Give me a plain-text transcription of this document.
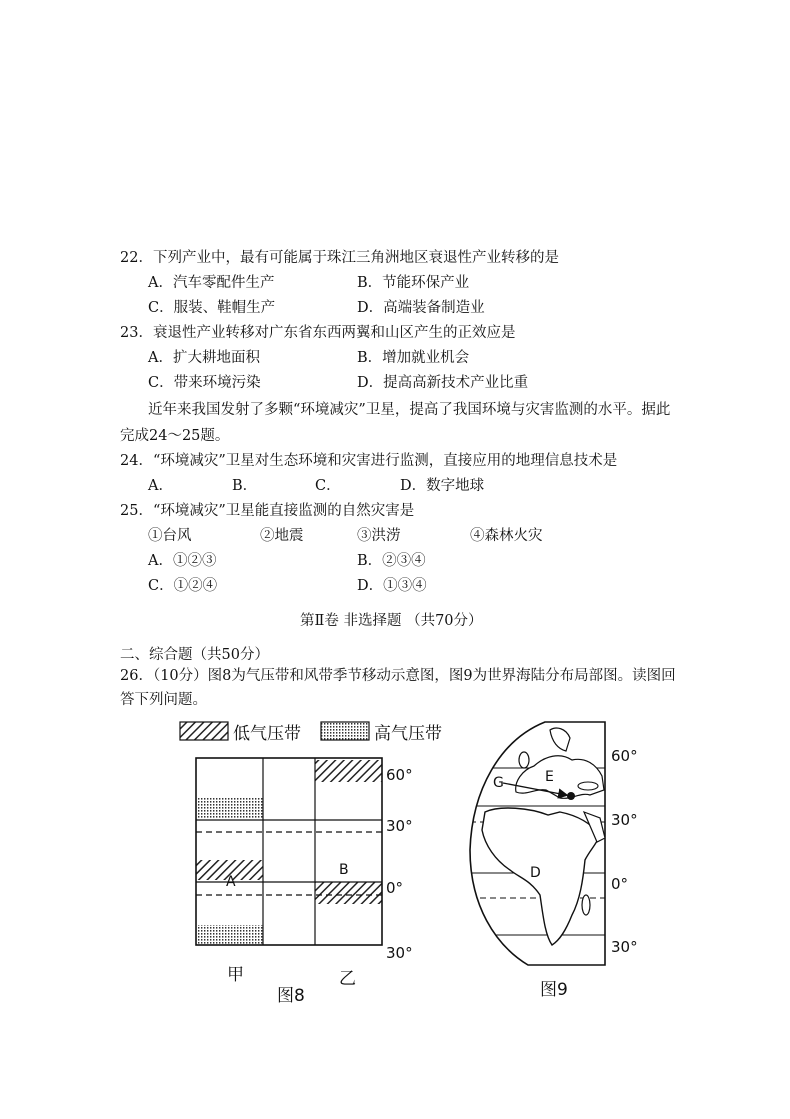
22．下列产业中，最有可能属于珠江三角洲地区衰退性产业转移的是
A．汽车零配件生产	B．节能环保产业
C．服装、鞋帽生产	D．高端装备制造业
23．衰退性产业转移对广东省东西两翼和山区产生的正效应是
A．扩大耕地面积	B．增加就业机会
C．带来环境污染	D．提高高新技术产业比重
近年来我国发射了多颗“环境减灾”卫星，提高了我国环境与灾害监测的水平。据此
完成24～25题。
24．“环境减灾”卫星对生态环境和灾害进行监测，直接应用的地理信息技术是
A．	B．	C．	D．数字地球
25．“环境减灾”卫星能直接监测的自然灾害是
①台风	②地震	③洪涝	④森林火灾
A．①②③	B．②③④
C．①②④	D．①③④
第Ⅱ卷 非选择题 （共70分）
二、综合题（共50分）
26．（10分）图8为气压带和风带季节移动示意图，图9为世界海陆分布局部图。读图回
答下列问题。
低气压带	高气压带
A
B
60°
30°
0°
30°
甲	乙
图8
G	E
D
60°
30°
0°
30°
图9
